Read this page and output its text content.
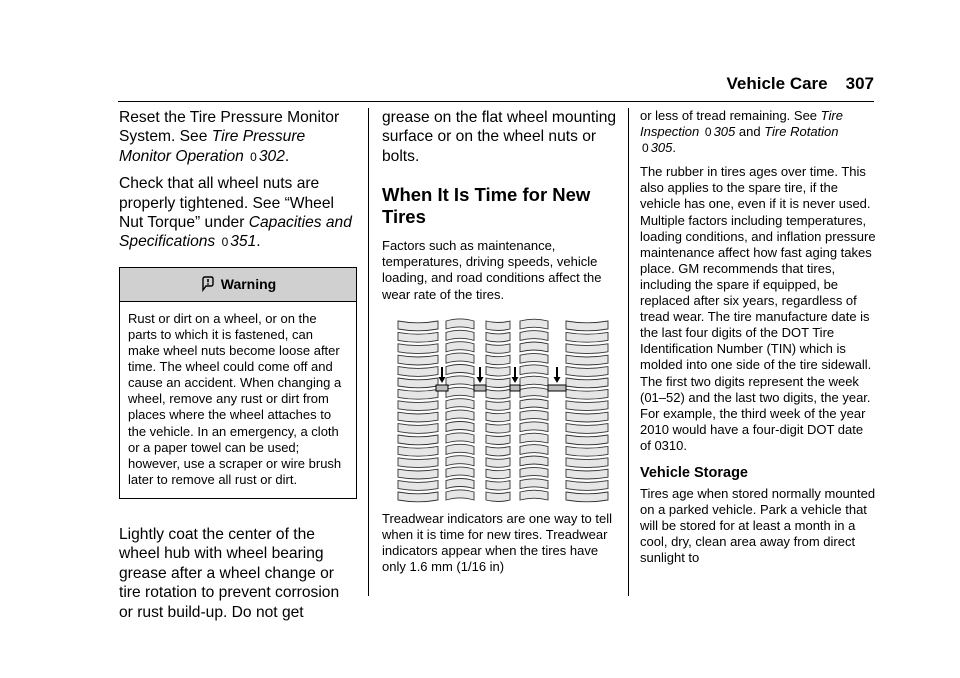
Vehicle Care 307

Reset the Tire Pressure Monitor System. See Tire Pressure Monitor Operation 0 302.

Check that all wheel nuts are properly tightened. See “Wheel Nut Torque” under Capacities and Specifications 0 351.

Warning

Rust or dirt on a wheel, or on the parts to which it is fastened, can make wheel nuts become loose after time. The wheel could come off and cause an accident. When changing a wheel, remove any rust or dirt from places where the wheel attaches to the vehicle. In an emergency, a cloth or a paper towel can be used; however, use a scraper or wire brush later to remove all rust or dirt.

Lightly coat the center of the wheel hub with wheel bearing grease after a wheel change or tire rotation to prevent corrosion or rust build-up. Do not get

grease on the flat wheel mounting surface or on the wheel nuts or bolts.

When It Is Time for New Tires

Factors such as maintenance, temperatures, driving speeds, vehicle loading, and road conditions affect the wear rate of the tires.

Treadwear indicators are one way to tell when it is time for new tires. Treadwear indicators appear when the tires have only 1.6 mm (1/16 in)

or less of tread remaining. See Tire Inspection 0 305 and Tire Rotation 0 305.

The rubber in tires ages over time. This also applies to the spare tire, if the vehicle has one, even if it is never used. Multiple factors including temperatures, loading conditions, and inflation pressure maintenance affect how fast aging takes place. GM recommends that tires, including the spare if equipped, be replaced after six years, regardless of tread wear. The tire manufacture date is the last four digits of the DOT Tire Identification Number (TIN) which is molded into one side of the tire sidewall. The first two digits represent the week (01–52) and the last two digits, the year. For example, the third week of the year 2010 would have a four-digit DOT date of 0310.

Vehicle Storage

Tires age when stored normally mounted on a parked vehicle. Park a vehicle that will be stored for at least a month in a cool, dry, clean area away from direct sunlight to
